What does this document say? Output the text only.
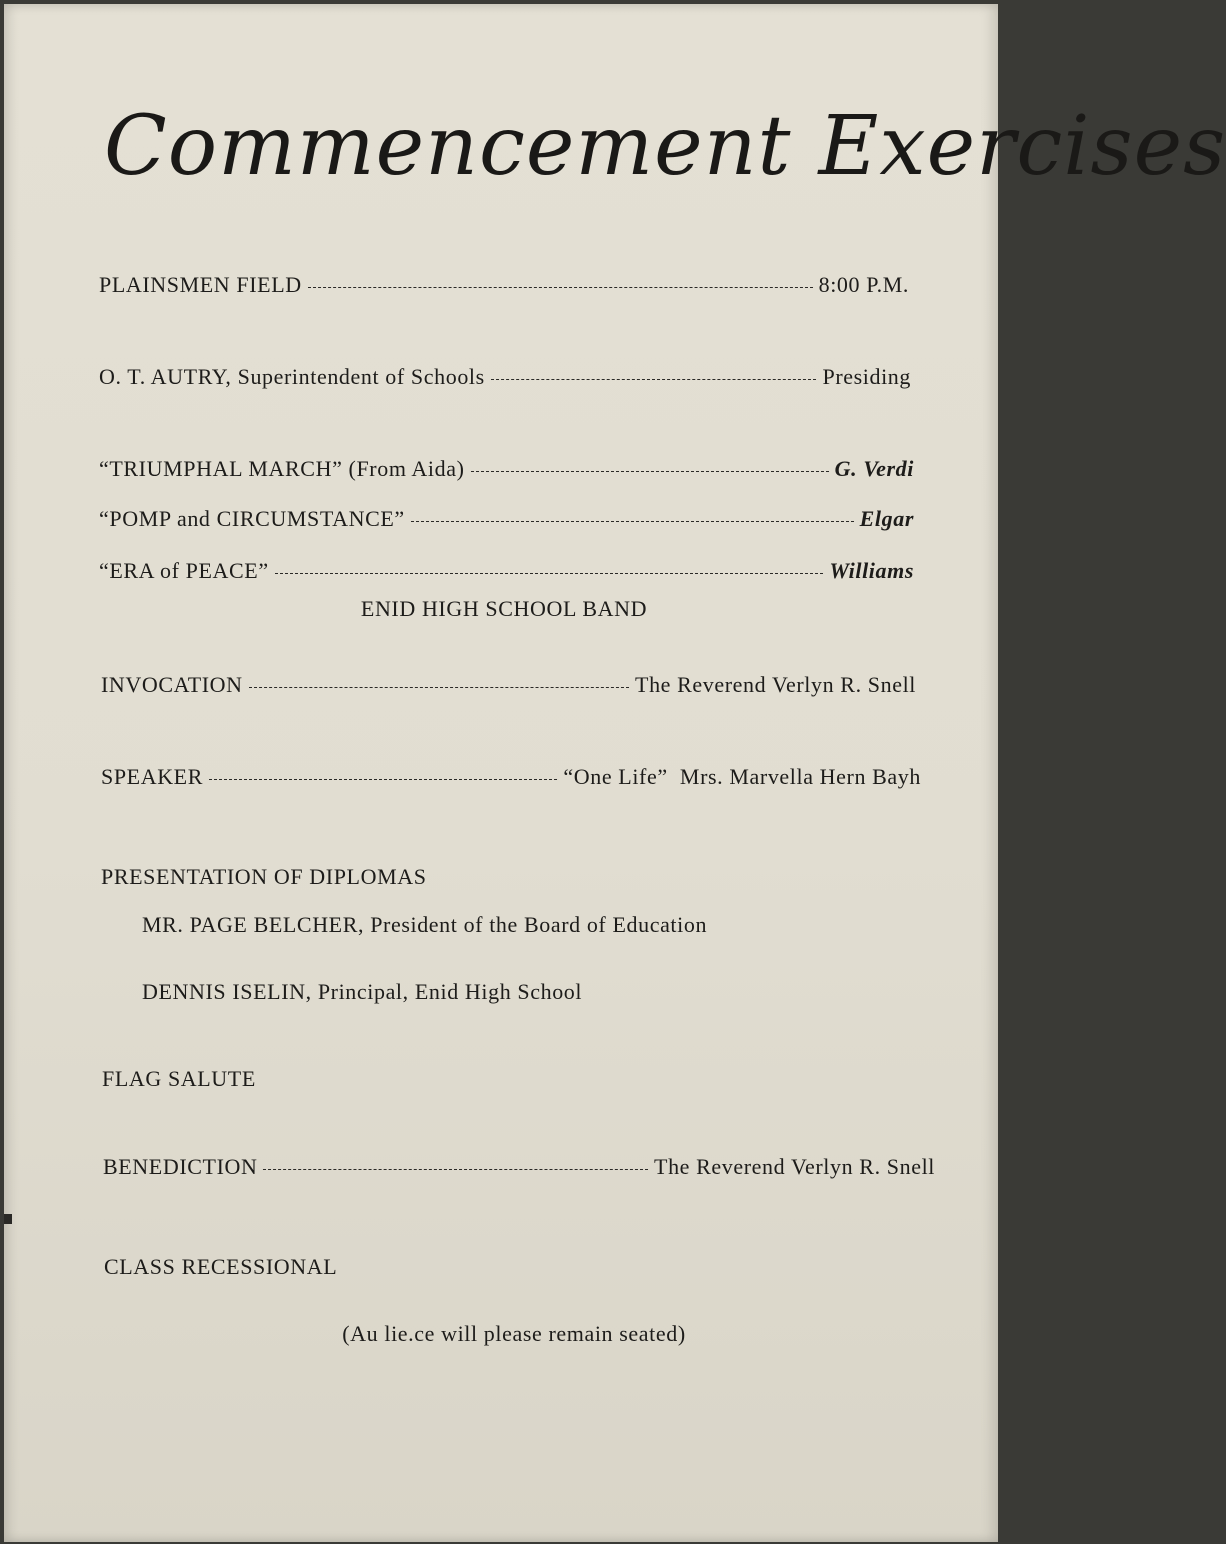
Commencement Exercises
PLAINSMEN FIELD	8:00 P.M.
O. T. AUTRY, Superintendent of Schools	Presiding
“TRIUMPHAL MARCH” (From Aida)	G. Verdi
“POMP and CIRCUMSTANCE”	Elgar
“ERA of PEACE”	Williams
ENID HIGH SCHOOL BAND
INVOCATION	The Reverend Verlyn R. Snell
SPEAKER	“One Life”  Mrs. Marvella Hern Bayh
PRESENTATION OF DIPLOMAS
MR. PAGE BELCHER, President of the Board of Education
DENNIS ISELIN, Principal, Enid High School
FLAG SALUTE
BENEDICTION	The Reverend Verlyn R. Snell
CLASS RECESSIONAL
(Au lie.ce will please remain seated)
